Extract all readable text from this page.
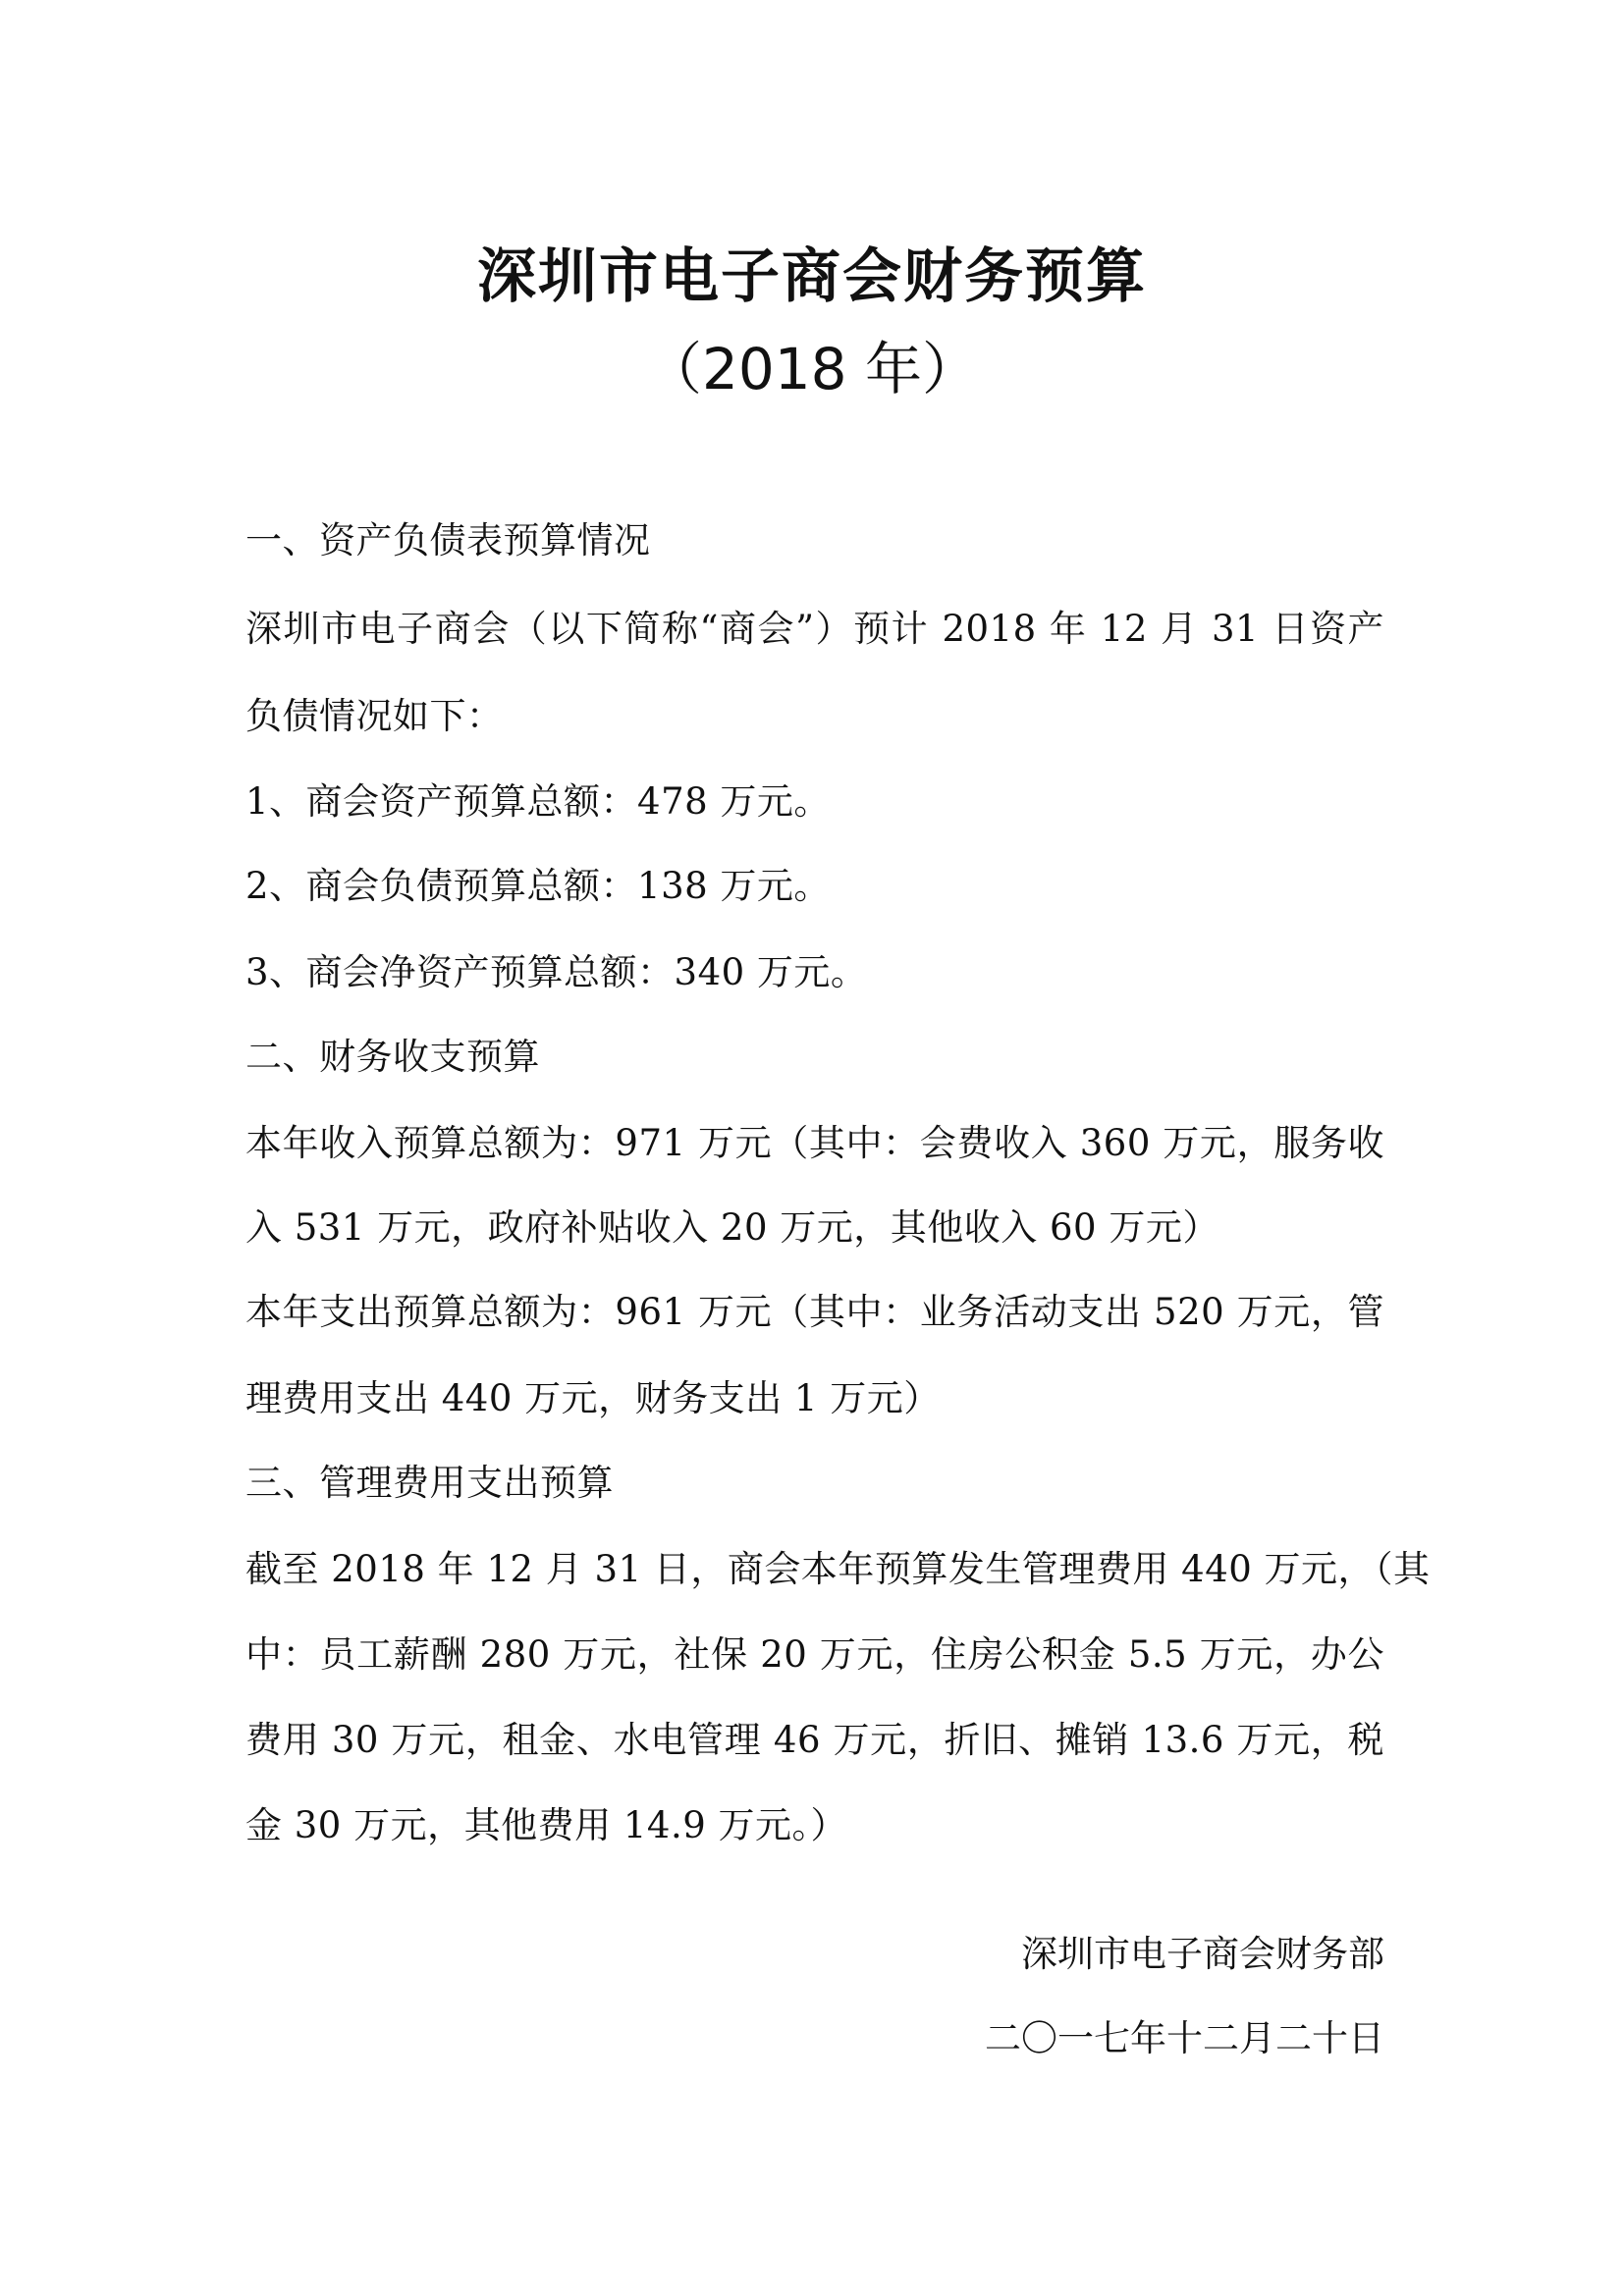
深圳市电子商会财务预算
（2018 年）
一、资产负债表预算情况
深圳市电子商会（以下简称“商会”）预计 2018 年 12 月 31 日资产
负债情况如下：
1、商会资产预算总额：478 万元。
2、商会负债预算总额：138 万元。
3、商会净资产预算总额：340 万元。
二、财务收支预算
本年收入预算总额为：971 万元（其中：会费收入 360 万元，服务收
入 531 万元，政府补贴收入 20 万元，其他收入 60 万元）
本年支出预算总额为：961 万元（其中：业务活动支出 520 万元，管
理费用支出 440 万元，财务支出 1 万元）
三、管理费用支出预算
截至 2018 年 12 月 31 日，商会本年预算发生管理费用 440 万元，（其
中：员工薪酬 280 万元，社保 20 万元，住房公积金 5.5 万元，办公
费用 30 万元，租金、水电管理 46 万元，折旧、摊销 13.6 万元，税
金 30 万元，其他费用 14.9 万元。）
深圳市电子商会财务部
二〇一七年十二月二十日
